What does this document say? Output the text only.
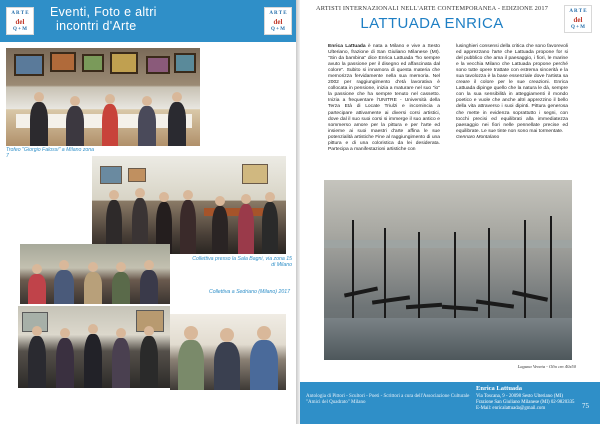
A R T E
del
Q + M
Eventi, Foto e altri
incontri d'Arte
A R T E
del
Q + M
Trofeo "Giorgio Falossi" a Milano zona 7
Collettiva presso la Sala Bagni, via zona 15 di Milano
Collettiva a Sedriano (Milano) 2017
ARTISTI INTERNAZIONALI NELL'ARTE CONTEMPORANEA - EDIZIONE 2017
LATTUADA ENRICA
A R T E
del
Q + M

Enrica Lattuada è nata a Milano e vive a Sesto Ulteriano, frazione di San Giuliano Milanese (MI). "Sin da bambina" dice Enrica Lattuada "ho sempre avuto la passione per il disegno ed affascinata dal colore". Subito si innamora di questa materia che memorizza fervidamente nella sua memoria. Nel 2002 per raggiungimento d'età lavorativa è collocata in pensione, inizia a maturare nel suo "io" la passione che ha sempre tenuto nel cassetto. Inizia a frequentare l'UNITRE - Università della Terza Età di Locate Triulzi e incomincia a partecipare attivamente ai diversi corsi artistici, dove dal il suo suoi corsi si immerge il suo antico e sommerso amore per la pittura e per l'arte ed insieme ai suoi maestri d'arte affina le sue potenzialità artistiche Fine al raggiungimento di una pittura e di una coloristica da lei desiderata. Partecipa a manifestazioni artistiche con

lusinghieri consensi della critica che sono favorevoli ed apprezzano l'arte che Lattuada propone for si del pubblico che ama il paesaggio, i fiori, le marine e la vecchia Milano che Lattuada propone perché sono tutte opere trattate con estrema sincerità e la sua tavolozza è la base essenziale dove l'artista sa creare il colore per le sue creazioni. Enrica Lattuada dipinge quello che la natura le dà, sempre con la sua sensibilità in atteggiamenti il mondo poetico e vuole che anche altri apprezzino il bello della vita attraverso i suoi dipinti. Pittura generosa che mette in evidenza soprattutto i segni, con tocchi precisi ed equilibrati alla immediatezza paesaggio nei fiori nelle pennellate precise ed equilibrate. Le sue tinte non sono mai tormentate.

Gennaro Montalano

Laguna Veneta - Olio cm 40x50
Antologia di Pittori - Scultori - Poeti - Scrittori a cura dell'Associazione Culturale "Amici del Quadrato" Milano
Enrica Lattuada
Via Toscana, 9 - 20098 Sesto Ulteriano (MI)
Frazione San Giuliano Milanese (MI) 02-9820335
E-Mail: enricalattuada@gmail.com	75
